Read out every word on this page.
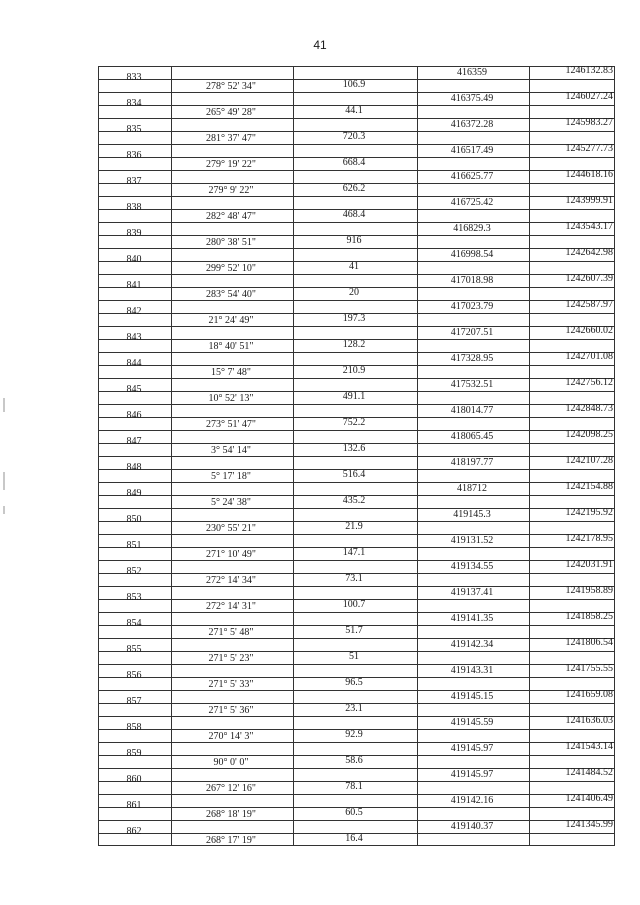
41
833	416359	1246132.83
278° 52' 34"	106.9
834	416375.49	1246027.24
265° 49' 28"	44.1
835	416372.28	1245983.27
281° 37' 47"	720.3
836	416517.49	1245277.73
279° 19' 22"	668.4
837	416625.77	1244618.16
279° 9' 22"	626.2
838	416725.42	1243999.91
282° 48' 47"	468.4
839	416829.3	1243543.17
280° 38' 51"	916
840	416998.54	1242642.98
299° 52' 10"	41
841	417018.98	1242607.39
283° 54' 40"	20
842	417023.79	1242587.97
21° 24' 49"	197.3
843	417207.51	1242660.02
18° 40' 51"	128.2
844	417328.95	1242701.08
15° 7' 48"	210.9
845	417532.51	1242756.12
10° 52' 13"	491.1
846	418014.77	1242848.73
273° 51' 47"	752.2
847	418065.45	1242098.25
3° 54' 14"	132.6
848	418197.77	1242107.28
5° 17' 18"	516.4
849	418712	1242154.88
5° 24' 38"	435.2
850	419145.3	1242195.92
230° 55' 21"	21.9
851	419131.52	1242178.95
271° 10' 49"	147.1
852	419134.55	1242031.91
272° 14' 34"	73.1
853	419137.41	1241958.89
272° 14' 31"	100.7
854	419141.35	1241858.25
271° 5' 48"	51.7
855	419142.34	1241806.54
271° 5' 23"	51
856	419143.31	1241755.55
271° 5' 33"	96.5
857	419145.15	1241659.08
271° 5' 36"	23.1
858	419145.59	1241636.03
270° 14' 3"	92.9
859	419145.97	1241543.14
90° 0' 0"	58.6
860	419145.97	1241484.52
267° 12' 16"	78.1
861	419142.16	1241406.49
268° 18' 19"	60.5
862	419140.37	1241345.99
268° 17' 19"	16.4
